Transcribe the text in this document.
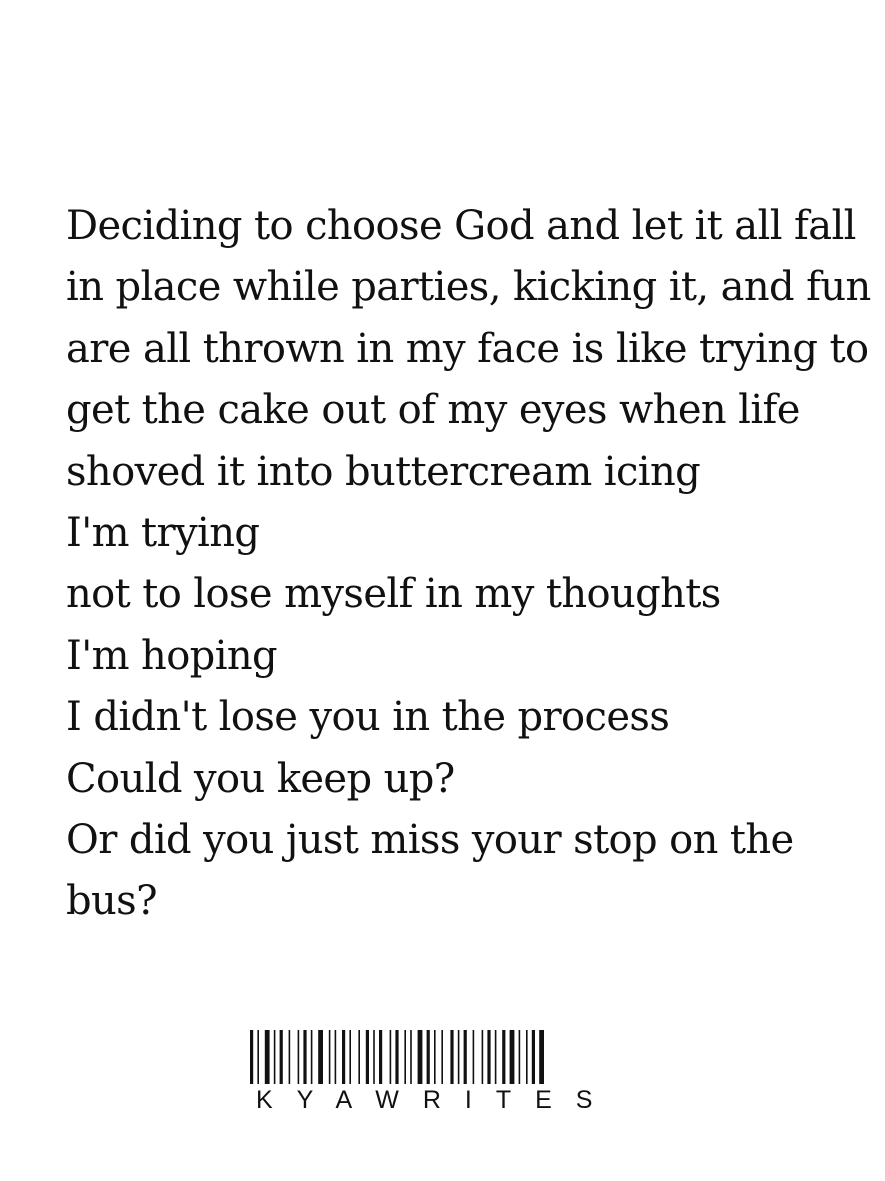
Deciding to choose God and let it all fall

in place while parties, kicking it, and fun

are all thrown in my face is like trying to

get the cake out of my eyes when life

shoved it into buttercream icing

I'm trying

not to lose myself in my thoughts

I'm hoping

I didn't lose you in the process

Could you keep up?

Or did you just miss your stop on the

bus?

KYAWRITES
